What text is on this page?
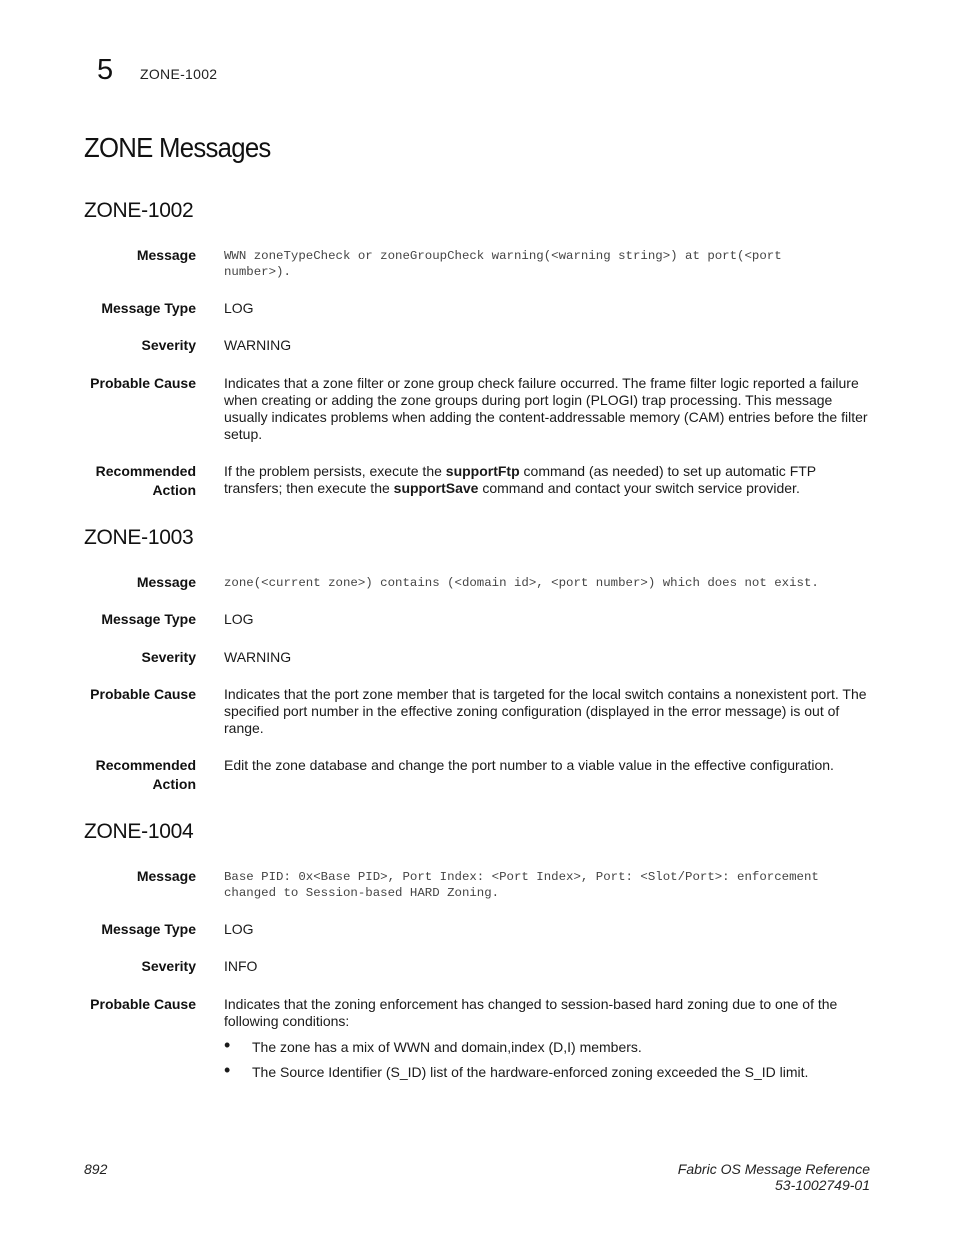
5 ZONE-1002
ZONE Messages
ZONE-1002
Message WWN zoneTypeCheck or zoneGroupCheck warning(<warning string>) at port(<port
number>).
Message Type LOG
Severity WARNING
Probable Cause Indicates that a zone filter or zone group check failure occurred. The frame filter logic reported a failure when creating or adding the zone groups during port login (PLOGI) trap processing. This message usually indicates problems when adding the content-addressable memory (CAM) entries before the filter setup.
Recommended
Action
If the problem persists, execute the supportFtp command (as needed) to set up automatic FTP transfers; then execute the supportSave command and contact your switch service provider.
ZONE-1003
Message zone(<current zone>) contains (<domain id>, <port number>) which does not exist.
Message Type LOG
Severity WARNING
Probable Cause Indicates that the port zone member that is targeted for the local switch contains a nonexistent port. The specified port number in the effective zoning configuration (displayed in the error message) is out of range.
Recommended
Action
Edit the zone database and change the port number to a viable value in the effective configuration.
ZONE-1004
Message Base PID: 0x<Base PID>, Port Index: <Port Index>, Port: <Slot/Port>: enforcement
changed to Session-based HARD Zoning.
Message Type LOG
Severity INFO
Probable Cause Indicates that the zoning enforcement has changed to session-based hard zoning due to one of the following conditions:
• The zone has a mix of WWN and domain,index (D,I) members.
• The Source Identifier (S_ID) list of the hardware-enforced zoning exceeded the S_ID limit.
892	Fabric OS Message Reference
53-1002749-01
